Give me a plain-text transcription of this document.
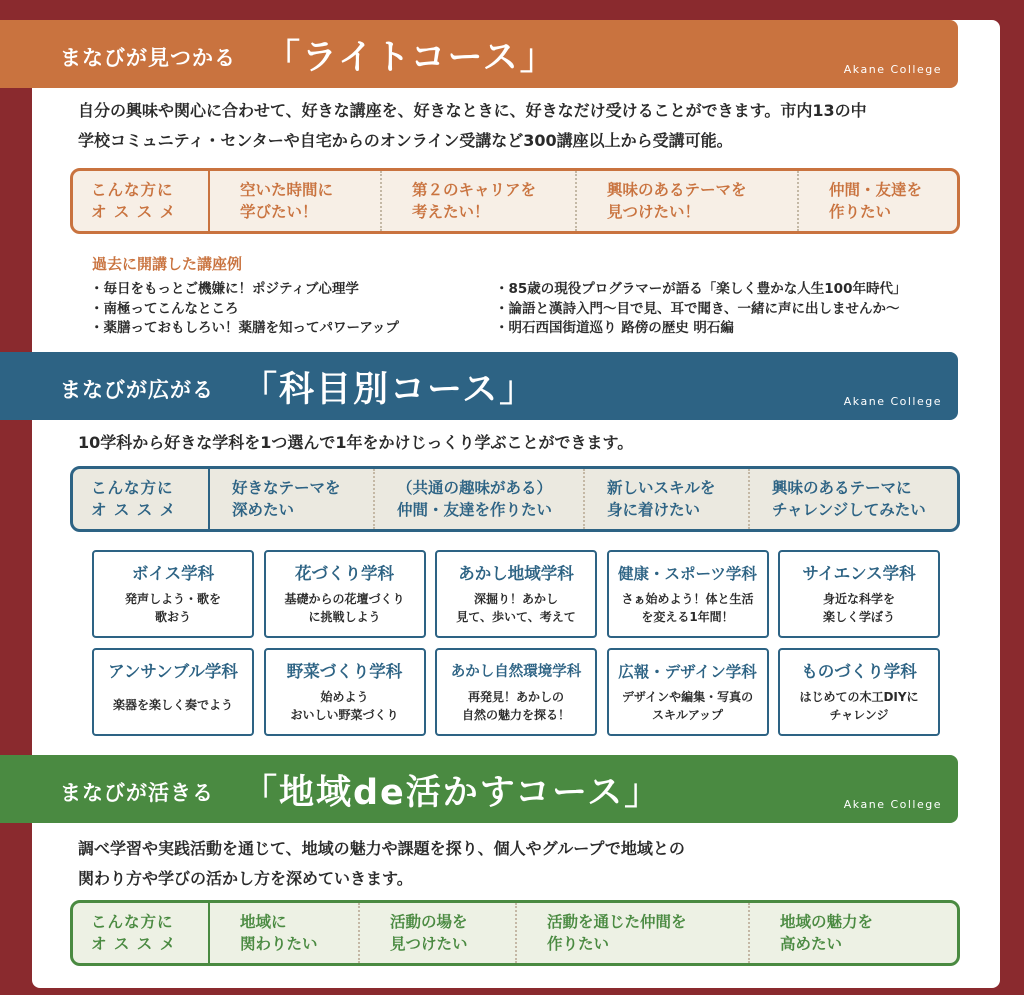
まなびが見つかる 「ライトコース」	Akane College
自分の興味や関心に合わせて、好きな講座を、好きなときに、好きなだけ受けることができます。市内13の中
学校コミュニティ・センターや自宅からのオンライン受講など300講座以上から受講可能。
こんな方に
オ ス ス メ
空いた時間に
学びたい！
第２のキャリアを
考えたい！
興味のあるテーマを
見つけたい！
仲間・友達を
作りたい
過去に開講した講座例
・毎日をもっとご機嫌に！ポジティブ心理学
・南極ってこんなところ
・薬膳っておもしろい！薬膳を知ってパワーアップ
・85歳の現役プログラマーが語る「楽しく豊かな人生100年時代」
・論語と漢詩入門〜目で見、耳で聞き、一緒に声に出しませんか〜
・明石西国街道巡り 路傍の歴史 明石編
まなびが広がる 「科目別コース」	Akane College
10学科から好きな学科を1つ選んで1年をかけじっくり学ぶことができます。
こんな方に
オ ス ス メ
好きなテーマを
深めたい
（共通の趣味がある）
仲間・友達を作りたい
新しいスキルを
身に着けたい
興味のあるテーマに
チャレンジしてみたい
ボイス学科
発声しよう・歌を
歌おう
花づくり学科
基礎からの花壇づくり
に挑戦しよう
あかし地域学科
深掘り！あかし
見て、歩いて、考えて
健康・スポーツ学科
さぁ始めよう！体と生活
を変える1年間！
サイエンス学科
身近な科学を
楽しく学ぼう
アンサンブル学科
楽器を楽しく奏でよう
野菜づくり学科
始めよう
おいしい野菜づくり
あかし自然環境学科
再発見！あかしの
自然の魅力を探る！
広報・デザイン学科
デザインや編集・写真の
スキルアップ
ものづくり学科
はじめての木工DIYに
チャレンジ
まなびが活きる 「地域de活かすコース」	Akane College
調べ学習や実践活動を通じて、地域の魅力や課題を探り、個人やグループで地域との
関わり方や学びの活かし方を深めていきます。
こんな方に
オ ス ス メ
地域に
関わりたい
活動の場を
見つけたい
活動を通じた仲間を
作りたい
地域の魅力を
高めたい
